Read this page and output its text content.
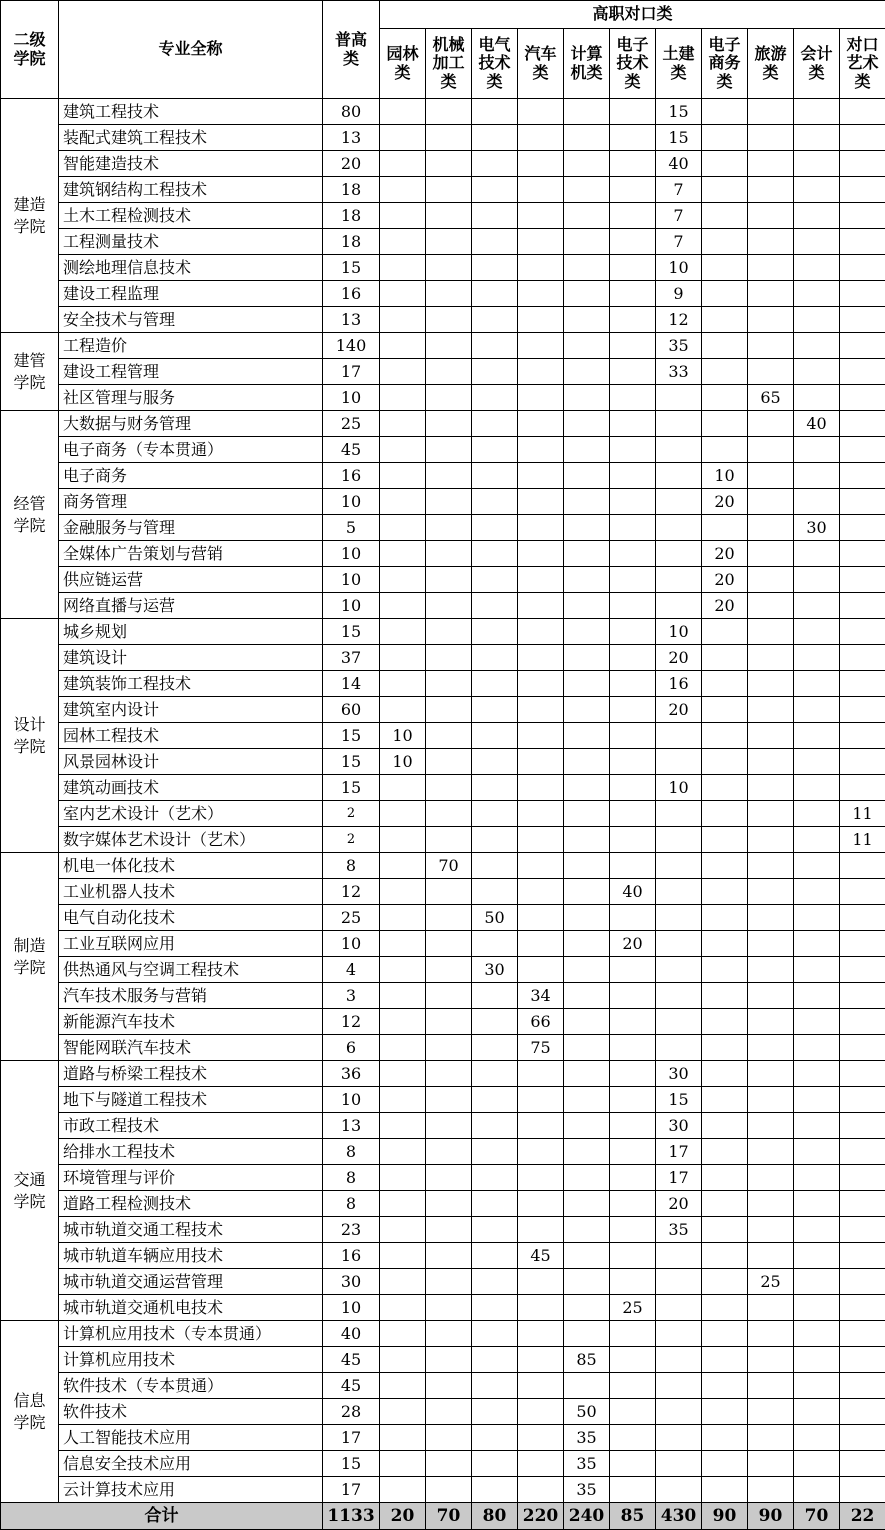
二级学院	专业全称	普高类	高职对口类										
			园林类	机械加工类	电气技术类	汽车类	计算机类	电子技术类	土建类	电子商务类	旅游类	会计类	对口艺术类
建造学院	建筑工程技术	80							15				
	装配式建筑工程技术	13							15				
	智能建造技术	20							40				
	建筑钢结构工程技术	18							7				
	土木工程检测技术	18							7				
	工程测量技术	18							7				
	测绘地理信息技术	15							10				
	建设工程监理	16							9				
	安全技术与管理	13							12				
建管学院	工程造价	140							35				
	建设工程管理	17							33				
	社区管理与服务	10									65		
经管学院	大数据与财务管理	25										40	
	电子商务（专本贯通）	45											
	电子商务	16								10			
	商务管理	10								20			
	金融服务与管理	5										30	
	全媒体广告策划与营销	10								20			
	供应链运营	10								20			
	网络直播与运营	10								20			
设计学院	城乡规划	15							10				
	建筑设计	37							20				
	建筑装饰工程技术	14							16				
	建筑室内设计	60							20				
	园林工程技术	15	10										
	风景园林设计	15	10										
	建筑动画技术	15							10				
	室内艺术设计（艺术）	2											11
	数字媒体艺术设计（艺术）	2											11
制造学院	机电一体化技术	8		70									
	工业机器人技术	12						40					
	电气自动化技术	25			50								
	工业互联网应用	10						20					
	供热通风与空调工程技术	4			30								
	汽车技术服务与营销	3				34							
	新能源汽车技术	12				66							
	智能网联汽车技术	6				75							
交通学院	道路与桥梁工程技术	36							30				
	地下与隧道工程技术	10							15				
	市政工程技术	13							30				
	给排水工程技术	8							17				
	环境管理与评价	8							17				
	道路工程检测技术	8							20				
	城市轨道交通工程技术	23							35				
	城市轨道车辆应用技术	16				45							
	城市轨道交通运营管理	30									25		
	城市轨道交通机电技术	10						25					
信息学院	计算机应用技术（专本贯通）	40											
	计算机应用技术	45					85						
	软件技术（专本贯通）	45											
	软件技术	28					50						
	人工智能技术应用	17					35						
	信息安全技术应用	15					35						
	云计算技术应用	17					35						
合计		1133	20	70	80	220	240	85	430	90	90	70	22
